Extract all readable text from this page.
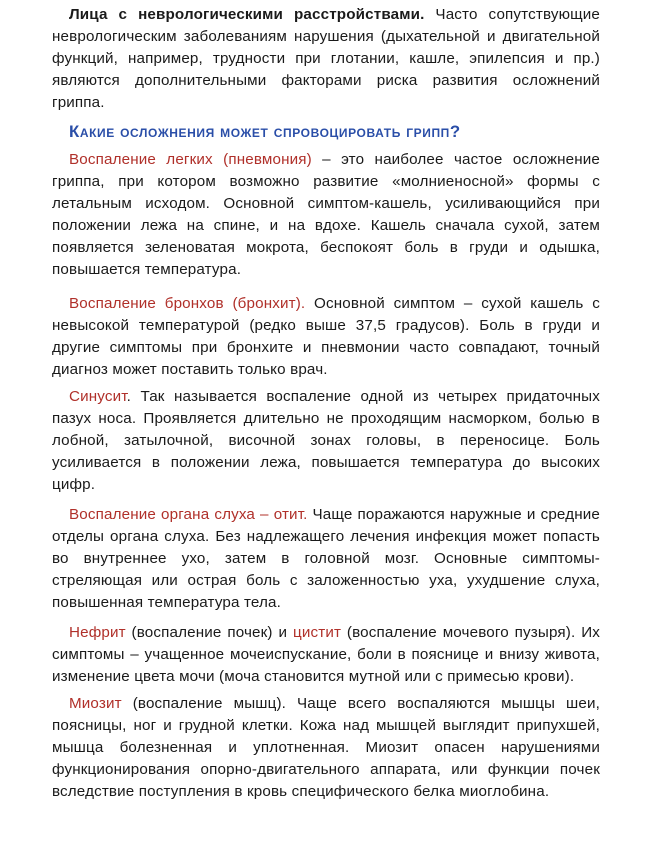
Лица с неврологическими расстройствами. Часто сопутствующие неврологическим заболеваниям нарушения (дыхательной и двигательной функций, например, трудности при глотании, кашле, эпилепсия и пр.) являются дополнительными факторами риска развития осложнений гриппа.

Какие осложнения может спровоцировать грипп?

Воспаление легких (пневмония) – это наиболее частое осложнение гриппа, при котором возможно развитие «молниеносной» формы с летальным исходом. Основной симптом-кашель, усиливающийся при положении лежа на спине, и на вдохе. Кашель сначала сухой, затем появляется зеленоватая мокрота, беспокоят боль в груди и одышка, повышается температура.

Воспаление бронхов (бронхит). Основной симптом – сухой кашель с невысокой температурой (редко выше 37,5 градусов). Боль в груди и другие симптомы при бронхите и пневмонии часто совпадают, точный диагноз может поставить только врач.

Синусит. Так называется воспаление одной из четырех придаточных пазух носа. Проявляется длительно не проходящим насморком, болью в лобной, затылочной, височной зонах головы, в переносице. Боль усиливается в положении лежа, повышается температура до высоких цифр.

Воспаление органа слуха – отит. Чаще поражаются наружные и средние отделы органа слуха. Без надлежащего лечения инфекция может попасть во внутреннее ухо, затем в головной мозг. Основные симптомы-стреляющая или острая боль с заложенностью уха, ухудшение слуха, повышенная температура тела.

Нефрит (воспаление почек) и цистит (воспаление мочевого пузыря). Их симптомы – учащенное мочеиспускание, боли в пояснице и внизу живота, изменение цвета мочи (моча становится мутной или с примесью крови).

Миозит (воспаление мышц). Чаще всего воспаляются мышцы шеи, поясницы, ног и грудной клетки. Кожа над мышцей выглядит припухшей, мышца болезненная и уплотненная. Миозит опасен нарушениями функционирования опорно-двигательного аппарата, или функции почек вследствие поступления в кровь специфического белка миоглобина.
